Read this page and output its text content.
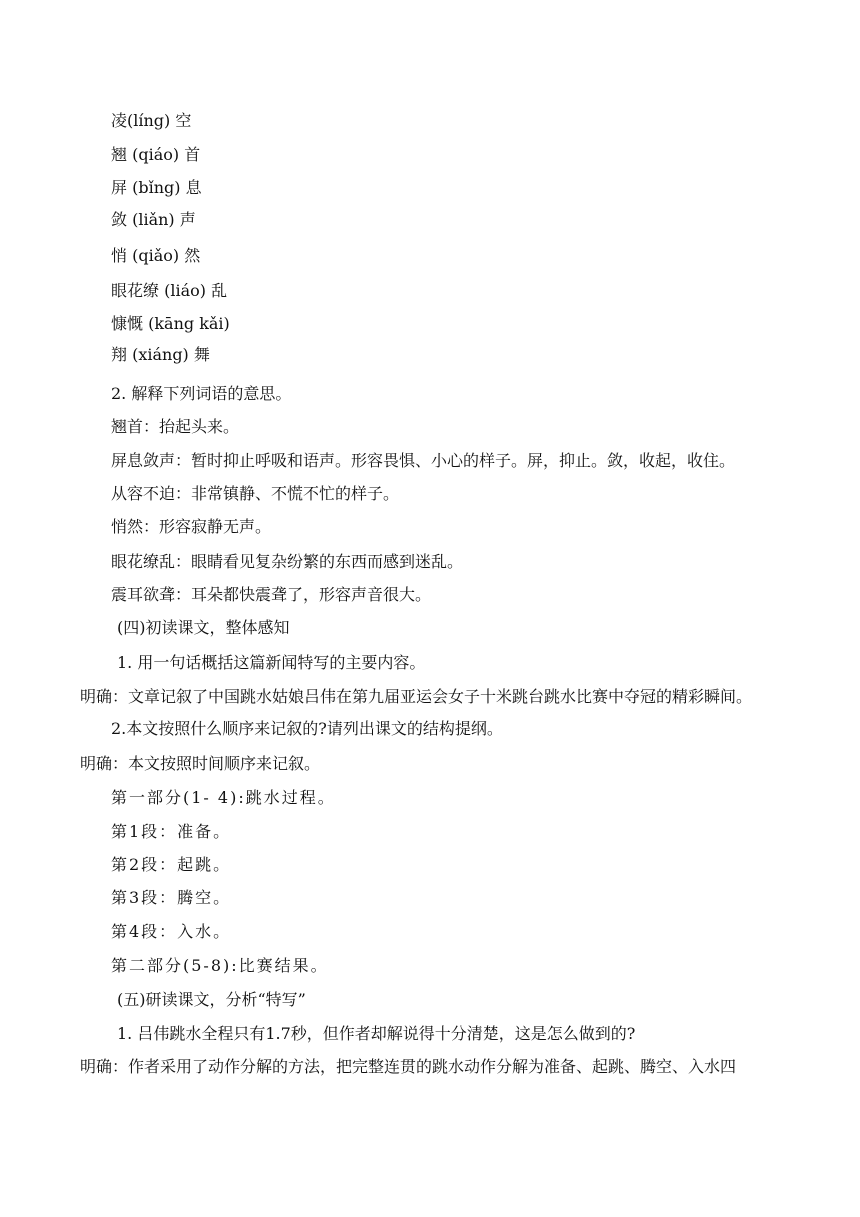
凌(líng) 空
翘 (qiáo) 首
屏 (bǐng) 息
敛 (liǎn) 声
悄 (qiǎo) 然
眼花缭 (liáo) 乱
慷慨 (kāng kǎi)
翔 (xiáng) 舞
2. 解释下列词语的意思。
翘首：抬起头来。
屏息敛声：暂时抑止呼吸和语声。形容畏惧、小心的样子。屏，抑止。敛，收起，收住。
从容不迫：非常镇静、不慌不忙的样子。
悄然：形容寂静无声。
眼花缭乱：眼睛看见复杂纷繁的东西而感到迷乱。
震耳欲聋：耳朵都快震聋了，形容声音很大。
(四)初读课文，整体感知
1. 用一句话概括这篇新闻特写的主要内容。
明确：文章记叙了中国跳水姑娘吕伟在第九届亚运会女子十米跳台跳水比赛中夺冠的精彩瞬间。
2.本文按照什么顺序来记叙的?请列出课文的结构提纲。
明确：本文按照时间顺序来记叙。
第一部分(1- 4):跳水过程。
第1段：准备。
第2段：起跳。
第3段：腾空。
第4段：入水。
第二部分(5-8):比赛结果。
(五)研读课文，分析“特写”
1. 吕伟跳水全程只有1.7秒，但作者却解说得十分清楚，这是怎么做到的?
明确：作者采用了动作分解的方法，把完整连贯的跳水动作分解为准备、起跳、腾空、入水四
